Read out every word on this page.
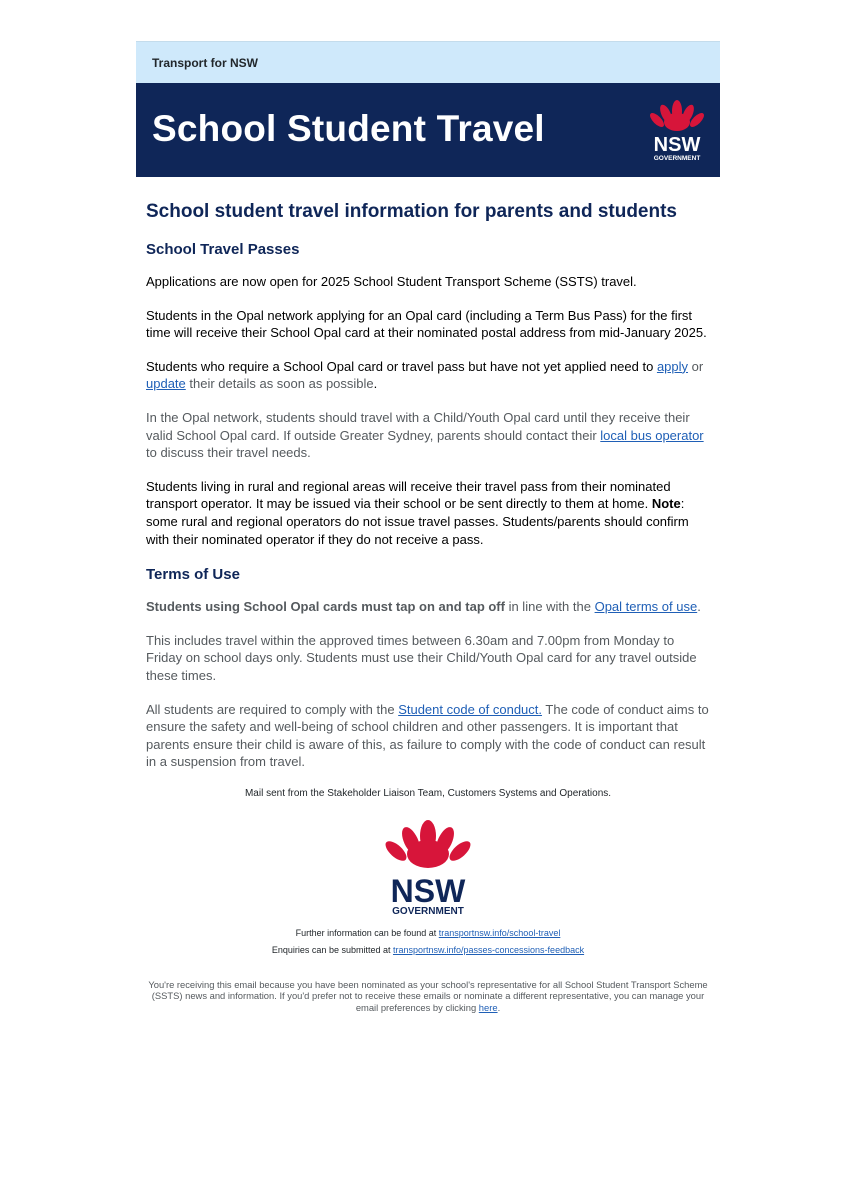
Transport for NSW
School Student Travel	NSW
GOVERNMENT
School student travel information for parents and students
School Travel Passes

Applications are now open for 2025 School Student Transport Scheme (SSTS) travel.

Students in the Opal network applying for an Opal card (including a Term Bus Pass) for the first time will receive their School Opal card at their nominated postal address from mid-January 2025.

Students who require a School Opal card or travel pass but have not yet applied need to apply or update their details as soon as possible.

In the Opal network, students should travel with a Child/Youth Opal card until they receive their valid School Opal card. If outside Greater Sydney, parents should contact their local bus operator to discuss their travel needs.

Students living in rural and regional areas will receive their travel pass from their nominated transport operator. It may be issued via their school or be sent directly to them at home. Note: some rural and regional operators do not issue travel passes. Students/parents should confirm with their nominated operator if they do not receive a pass.

Terms of Use

Students using School Opal cards must tap on and tap off in line with the Opal terms of use.

This includes travel within the approved times between 6.30am and 7.00pm from Monday to Friday on school days only. Students must use their Child/Youth Opal card for any travel outside these times.

All students are required to comply with the Student code of conduct. The code of conduct aims to ensure the safety and well-being of school children and other passengers. It is important that parents ensure their child is aware of this, as failure to comply with the code of conduct can result in a suspension from travel.

Mail sent from the Stakeholder Liaison Team, Customers Systems and Operations.
NSW
GOVERNMENT

Further information can be found at transportnsw.info/school-travel

Enquiries can be submitted at transportnsw.info/passes-concessions-feedback

You're receiving this email because you have been nominated as your school's representative for all School Student Transport Scheme (SSTS) news and information. If you'd prefer not to receive these emails or nominate a different representative, you can manage your email preferences by clicking here.
